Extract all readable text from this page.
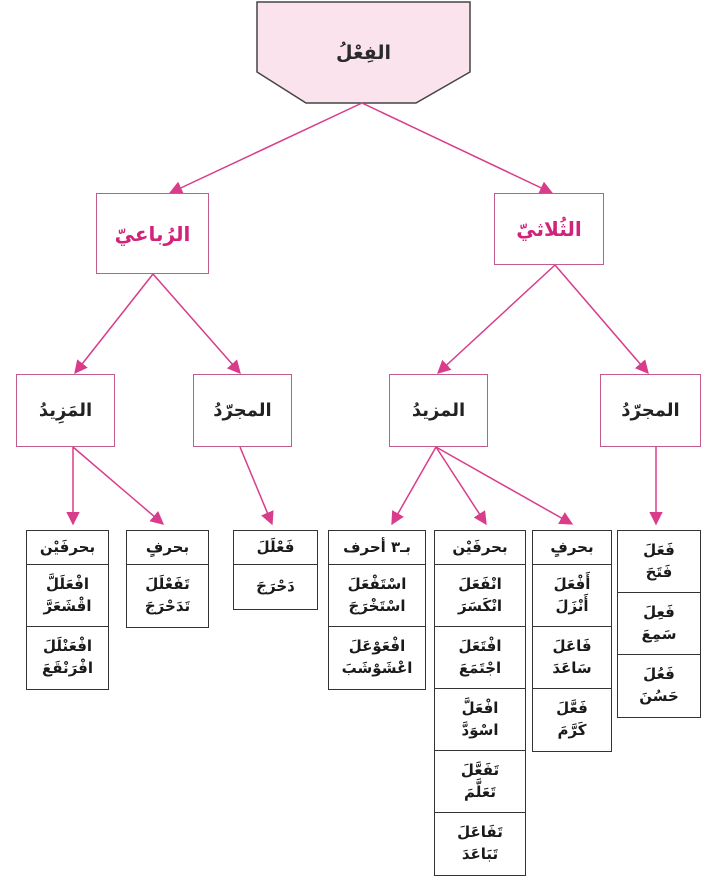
الفِعْلُ
الثُلاثيّ
الرُباعيّ
المجرّدُ
المزيدُ
المجرّدُ
المَزِيدُ
فَعَلَ
فَتَحَ
فَعِلَ
سَمِعَ
فَعُلَ
حَسُنَ
بحرفٍ
أَفْعَلَ
أَنْزَلَ
فَاعَلَ
سَاعَدَ
فَعَّلَ
كَرَّمَ
بحرفَيْن
انْفَعَلَ
انْكَسَرَ
افْتَعَلَ
اجْتَمَعَ
افْعَلَّ
اسْوَدَّ
تَفَعَّلَ
تَعَلَّمَ
تَفَاعَلَ
تَبَاعَدَ
بـ٣ أحرف
اسْتَفْعَلَ
اسْتَخْرَجَ
افْعَوْعَلَ
اعْشَوْشَبَ
فَعْلَلَ
دَحْرَجَ
بحرفٍ
تَفَعْلَلَ
تَدَحْرَجَ
بحرفَيْن
افْعَلَلَّ
اقْشَعَرَّ
افْعَنْلَلَ
افْرَنْقَعَ
